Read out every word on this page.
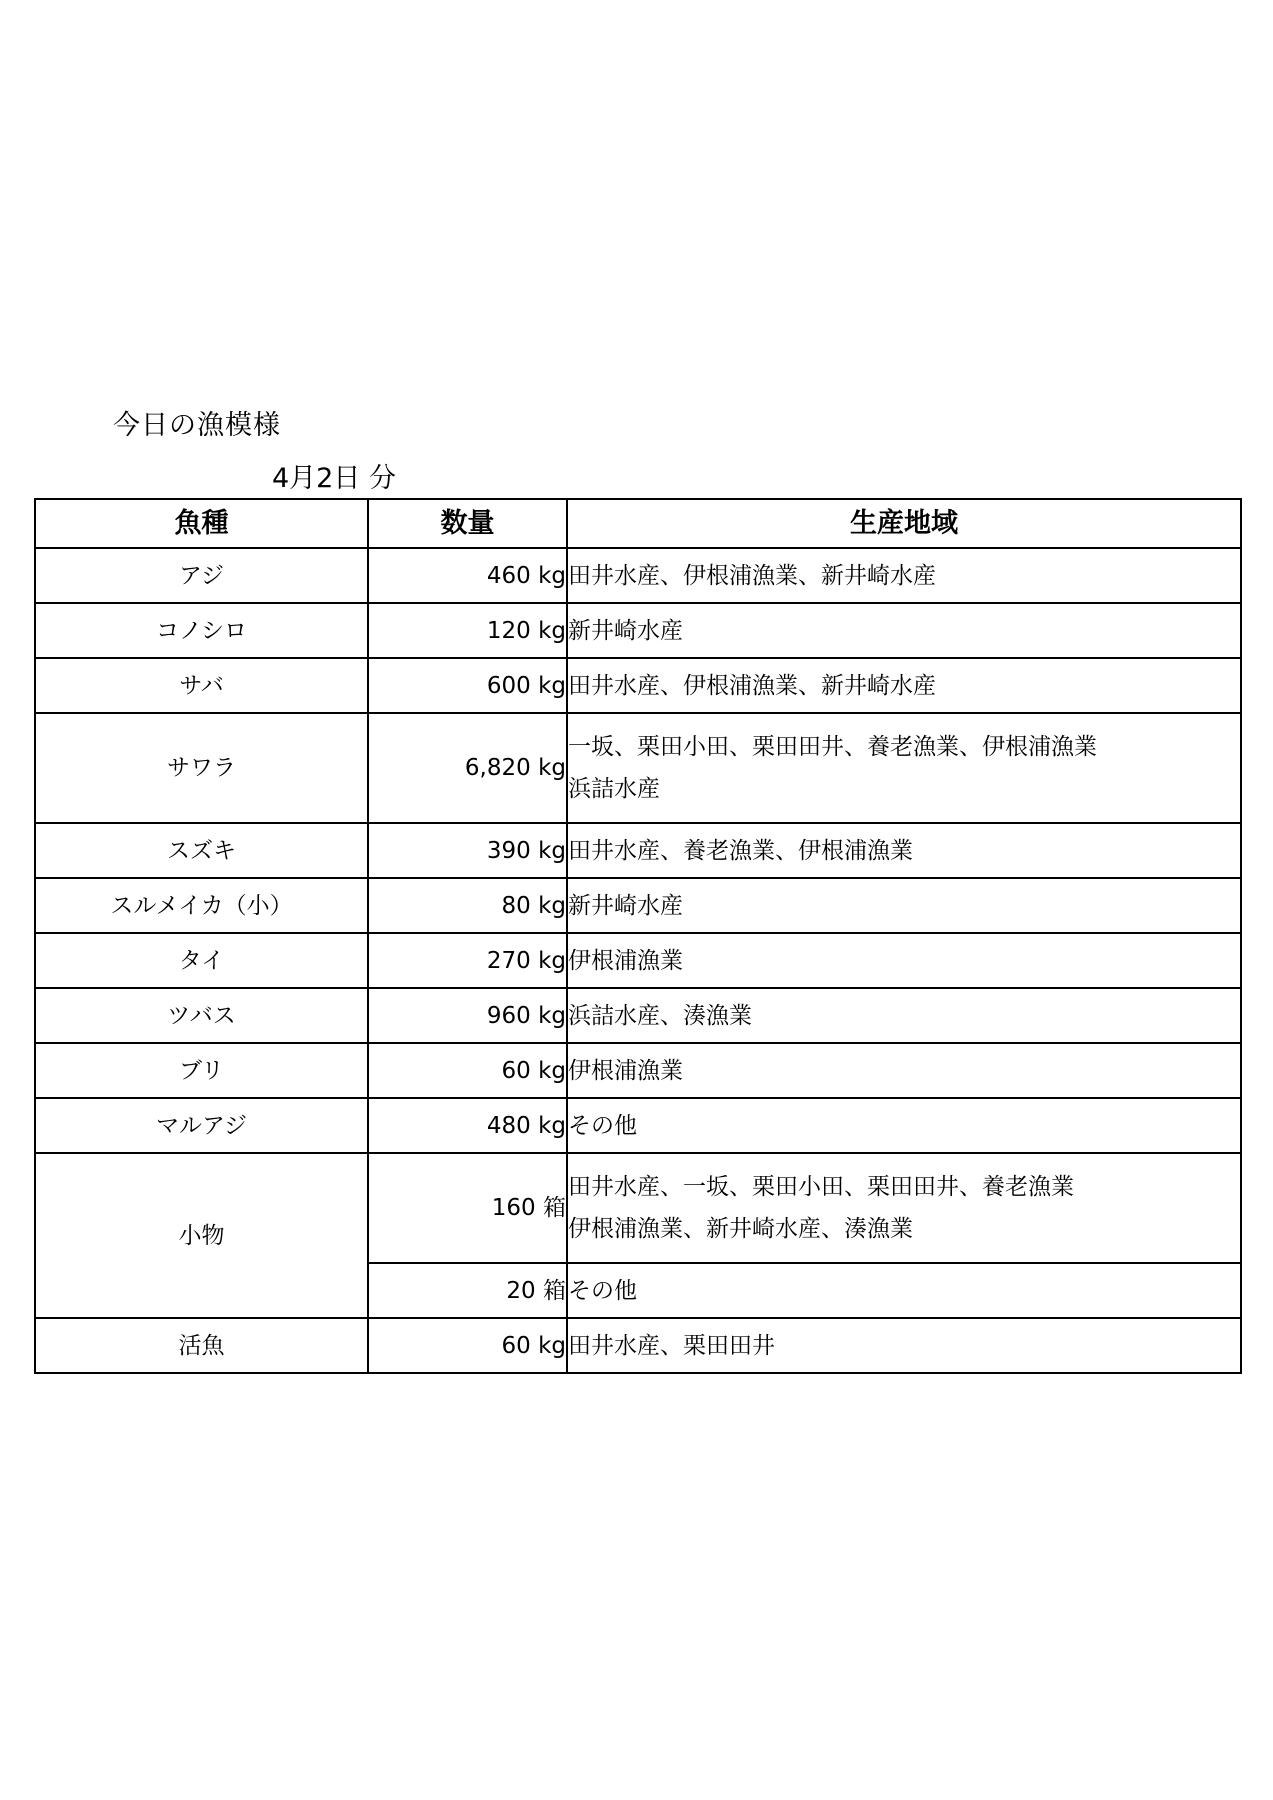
今日の漁模様
4月2日 分
魚種	数量	生産地域
アジ	460 kg	田井水産、伊根浦漁業、新井崎水産

コノシロ	120 kg	新井崎水産

サバ	600 kg	田井水産、伊根浦漁業、新井崎水産

サワラ	6,820 kg	一坂、栗田小田、栗田田井、養老漁業、伊根浦漁業
浜詰水産

スズキ	390 kg	田井水産、養老漁業、伊根浦漁業

スルメイカ（小）	80 kg	新井崎水産

タイ	270 kg	伊根浦漁業

ツバス	960 kg	浜詰水産、湊漁業

ブリ	60 kg	伊根浦漁業

マルアジ	480 kg	その他

小物	160 箱	田井水産、一坂、栗田小田、栗田田井、養老漁業
伊根浦漁業、新井崎水産、湊漁業

	20 箱	その他

活魚	60 kg	田井水産、栗田田井
